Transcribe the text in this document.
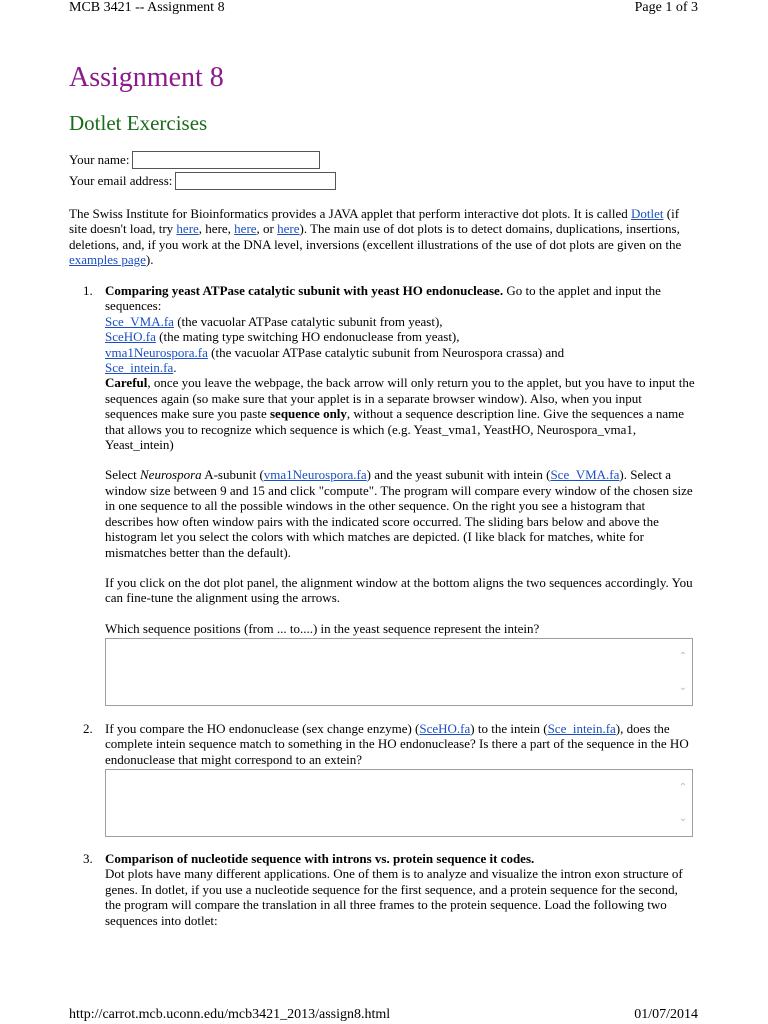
MCB 3421 -- Assignment 8	Page 1 of 3
Assignment 8
Dotlet Exercises
Your name:
Your email address:

The Swiss Institute for Bioinformatics provides a JAVA applet that perform interactive dot plots. It is called Dotlet (if site doesn't load, try here, here, here, or here). The main use of dot plots is to detect domains, duplications, insertions, deletions, and, if you work at the DNA level, inversions (excellent illustrations of the use of dot plots are given on the examples page).

1. Comparing yeast ATPase catalytic subunit with yeast HO endonuclease. Go to the applet and input the sequences:

Sce_VMA.fa (the vacuolar ATPase catalytic subunit from yeast),

SceHO.fa (the mating type switching HO endonuclease from yeast),

vma1Neurospora.fa (the vacuolar ATPase catalytic subunit from Neurospora crassa) and

Sce_intein.fa.

Careful, once you leave the webpage, the back arrow will only return you to the applet, but you have to input the sequences again (so make sure that your applet is in a separate browser window). Also, when you input sequences make sure you paste sequence only, without a sequence description line. Give the sequences a name that allows you to recognize which sequence is which (e.g. Yeast_vma1, YeastHO, Neurospora_vma1, Yeast_intein)

Select Neurospora A-subunit (vma1Neurospora.fa) and the yeast subunit with intein (Sce_VMA.fa). Select a window size between 9 and 15 and click "compute". The program will compare every window of the chosen size in one sequence to all the possible windows in the other sequence. On the right you see a histogram that describes how often window pairs with the indicated score occurred. The sliding bars below and above the histogram let you select the colors with which matches are depicted. (I like black for matches, white for mismatches better than the default).

If you click on the dot plot panel, the alignment window at the bottom aligns the two sequences accordingly. You can fine-tune the alignment using the arrows.

Which sequence positions (from ... to....) in the yeast sequence represent the intein?

⌃
⌄
2. If you compare the HO endonuclease (sex change enzyme) (SceHO.fa) to the intein (Sce_intein.fa), does the complete intein sequence match to something in the HO endonuclease? Is there a part of the sequence in the HO endonuclease that might correspond to an extein?

⌃
⌄
3. Comparison of nucleotide sequence with introns vs. protein sequence it codes.

Dot plots have many different applications. One of them is to analyze and visualize the intron exon structure of genes. In dotlet, if you use a nucleotide sequence for the first sequence, and a protein sequence for the second, the program will compare the translation in all three frames to the protein sequence. Load the following two sequences into dotlet:

http://carrot.mcb.uconn.edu/mcb3421_2013/assign8.html	01/07/2014
